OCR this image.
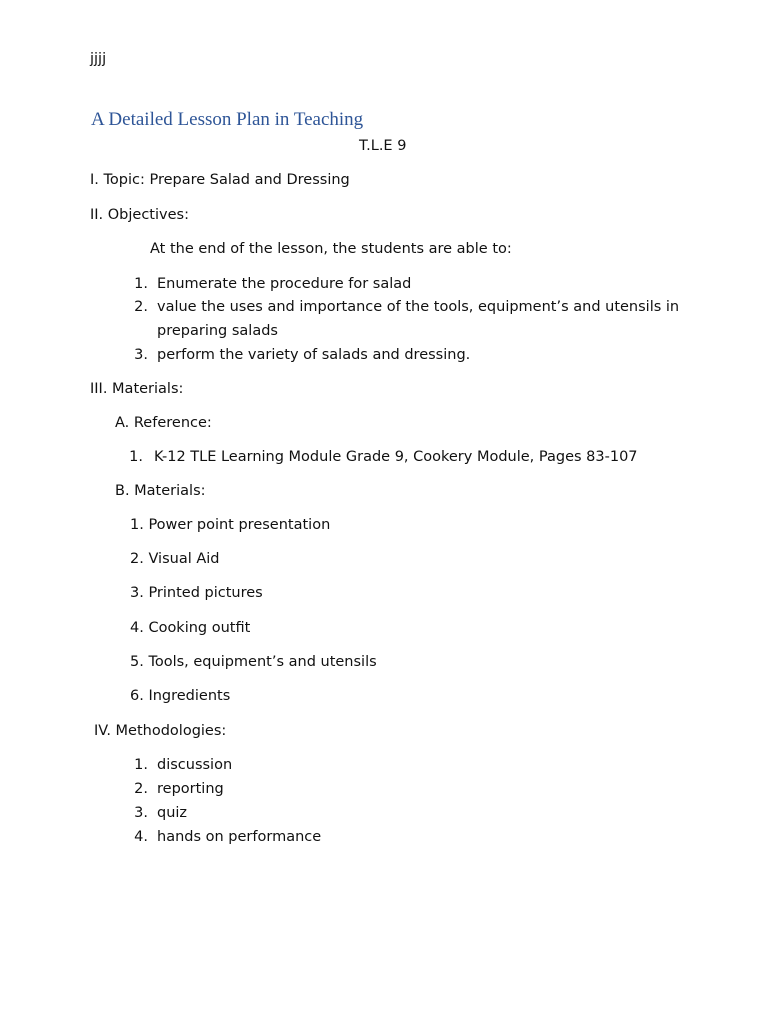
jjjj
A Detailed Lesson Plan in Teaching
T.L.E 9
I. Topic: Prepare Salad and Dressing
II. Objectives:
At the end of the lesson, the students are able to:
1. Enumerate the procedure for salad
2. value the uses and importance of the tools, equipment’s and utensils in
preparing salads
3. perform the variety of salads and dressing.
III. Materials:
A. Reference:
1. K-12 TLE Learning Module Grade 9, Cookery Module, Pages 83-107
B. Materials:
1. Power point presentation
2. Visual Aid
3. Printed pictures
4. Cooking outfit
5. Tools, equipment’s and utensils
6. Ingredients
IV. Methodologies:
1. discussion
2. reporting
3. quiz
4. hands on performance
